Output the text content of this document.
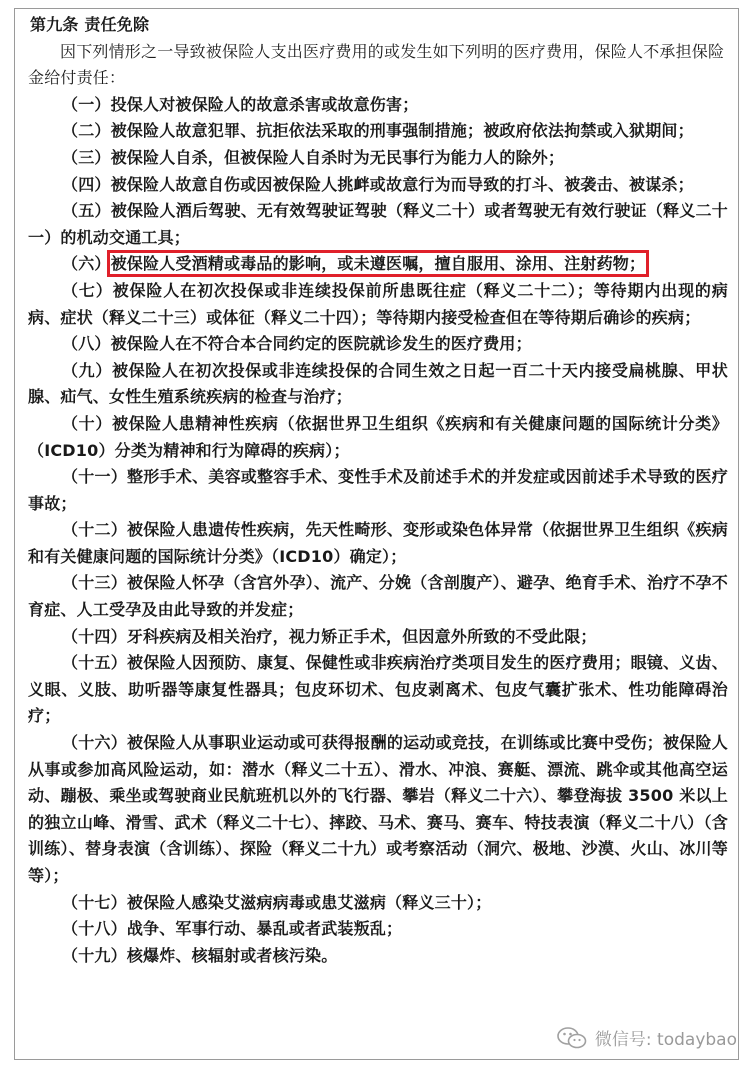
第九条 责任免除

因下列情形之一导致被保险人支出医疗费用的或发生如下列明的医疗费用，保险人不承担保险金给付责任：

（一）投保人对被保险人的故意杀害或故意伤害；

（二）被保险人故意犯罪、抗拒依法采取的刑事强制措施；被政府依法拘禁或入狱期间；

（三）被保险人自杀，但被保险人自杀时为无民事行为能力人的除外；

（四）被保险人故意自伤或因被保险人挑衅或故意行为而导致的打斗、被袭击、被谋杀；

（五）被保险人酒后驾驶、无有效驾驶证驾驶（释义二十）或者驾驶无有效行驶证（释义二十一）的机动交通工具；

（六）被保险人受酒精或毒品的影响，或未遵医嘱，擅自服用、涂用、注射药物；

（七）被保险人在初次投保或非连续投保前所患既往症（释义二十二）；等待期内出现的病病、症状（释义二十三）或体征（释义二十四）；等待期内接受检查但在等待期后确诊的疾病；

（八）被保险人在不符合本合同约定的医院就诊发生的医疗费用；

（九）被保险人在初次投保或非连续投保的合同生效之日起一百二十天内接受扁桃腺、甲状腺、疝气、女性生殖系统疾病的检查与治疗；

（十）被保险人患精神性疾病（依据世界卫生组织《疾病和有关健康问题的国际统计分类》（ICD10）分类为精神和行为障碍的疾病）；

（十一）整形手术、美容或整容手术、变性手术及前述手术的并发症或因前述手术导致的医疗事故；

（十二）被保险人患遗传性疾病，先天性畸形、变形或染色体异常（依据世界卫生组织《疾病和有关健康问题的国际统计分类》（ICD10）确定）；

（十三）被保险人怀孕（含宫外孕）、流产、分娩（含剖腹产）、避孕、绝育手术、治疗不孕不育症、人工受孕及由此导致的并发症；

（十四）牙科疾病及相关治疗，视力矫正手术，但因意外所致的不受此限；

（十五）被保险人因预防、康复、保健性或非疾病治疗类项目发生的医疗费用；眼镜、义齿、义眼、义肢、助听器等康复性器具；包皮环切术、包皮剥离术、包皮气囊扩张术、性功能障碍治疗；

（十六）被保险人从事职业运动或可获得报酬的运动或竞技，在训练或比赛中受伤；被保险人从事或参加高风险运动，如：潜水（释义二十五）、滑水、冲浪、赛艇、漂流、跳伞或其他高空运动、蹦极、乘坐或驾驶商业民航班机以外的飞行器、攀岩（释义二十六）、攀登海拔 3500 米以上的独立山峰、滑雪、武术（释义二十七）、摔跤、马术、赛马、赛车、特技表演（释义二十八）（含训练）、替身表演（含训练）、探险（释义二十九）或考察活动（洞穴、极地、沙漠、火山、冰川等等）；

（十七）被保险人感染艾滋病病毒或患艾滋病（释义三十）；

（十八）战争、军事行动、暴乱或者武装叛乱；

（十九）核爆炸、核辐射或者核污染。

微信号: todaybao
